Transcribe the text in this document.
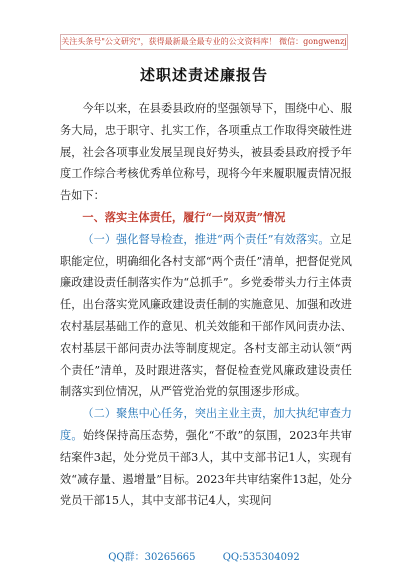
关注头条号"公文研究"，获得最新最全最专业的公文资料库！ 微信：gongwenzj
述职述责述廉报告

今年以来，在县委县政府的坚强领导下，围绕中心、服务大局，忠于职守、扎实工作，各项重点工作取得突破性进展，社会各项事业发展呈现良好势头，被县委县政府授予年度工作综合考核优秀单位称号，现将今年来履职履责情况报告如下：

一、落实主体责任，履行“一岗双责”情况

（一）强化督导检查，推进“两个责任”有效落实。立足职能定位，明确细化各村支部“两个责任”清单，把督促党风廉政建设责任制落实作为“总抓手”。乡党委带头力行主体责任，出台落实党风廉政建设责任制的实施意见、加强和改进农村基层基础工作的意见、机关效能和干部作风问责办法、农村基层干部问责办法等制度规定。各村支部主动认领“两个责任”清单，及时跟进落实，督促检查党风廉政建设责任制落实到位情况，从严管党治党的氛围逐步形成。

（二）聚焦中心任务，突出主业主责，加大执纪审查力度。始终保持高压态势，强化“不敢”的氛围，2023年共审结案件3起，处分党员干部3人，其中支部书记1人，实现有效“减存量、遏增量”目标。2023年共审结案件13起，处分党员干部15人，其中支部书记4人，实现问

QQ群：30265665	QQ:535304092
